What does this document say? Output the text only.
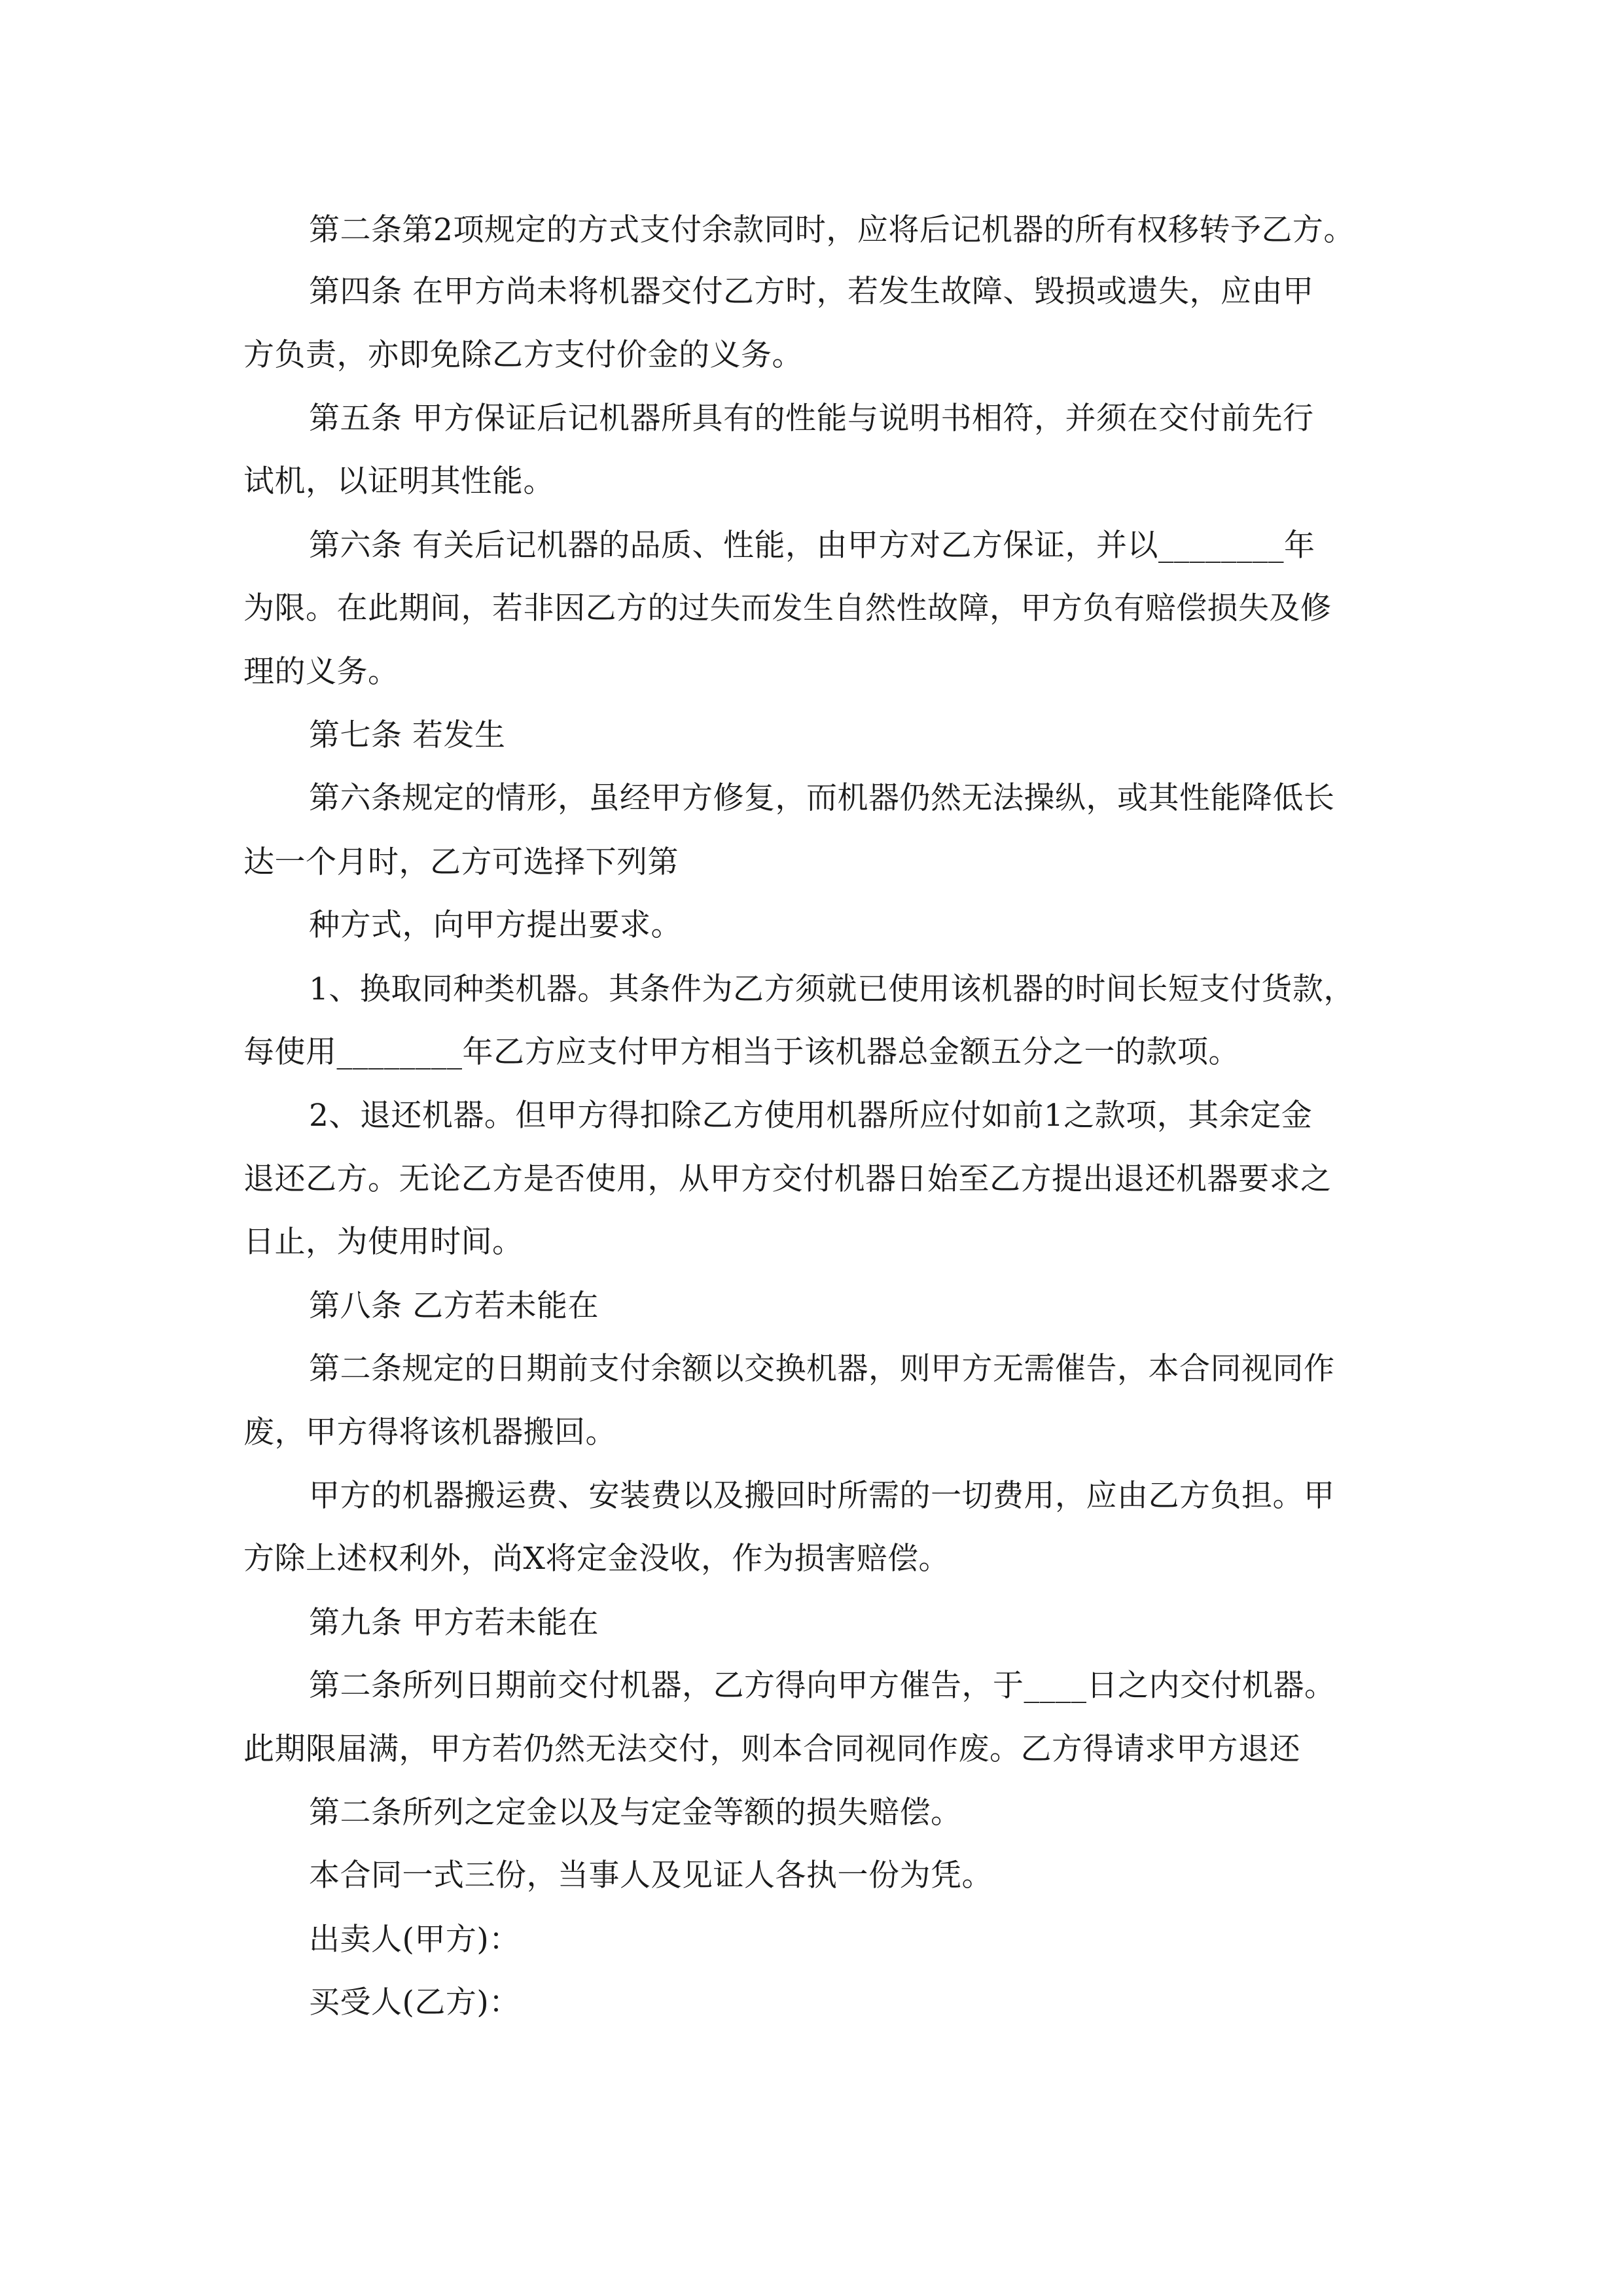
第二条第2项规定的方式支付余款同时，应将后记机器的所有权移转予乙方。
第四条 在甲方尚未将机器交付乙方时，若发生故障、毁损或遗失，应由甲
方负责，亦即免除乙方支付价金的义务。
第五条 甲方保证后记机器所具有的性能与说明书相符，并须在交付前先行
试机，以证明其性能。
第六条 有关后记机器的品质、性能，由甲方对乙方保证，并以________年
为限。在此期间，若非因乙方的过失而发生自然性故障，甲方负有赔偿损失及修
理的义务。
第七条 若发生
第六条规定的情形，虽经甲方修复，而机器仍然无法操纵，或其性能降低长
达一个月时，乙方可选择下列第
种方式，向甲方提出要求。
1、换取同种类机器。其条件为乙方须就已使用该机器的时间长短支付货款，
每使用________年乙方应支付甲方相当于该机器总金额五分之一的款项。
2、退还机器。但甲方得扣除乙方使用机器所应付如前1之款项，其余定金
退还乙方。无论乙方是否使用，从甲方交付机器日始至乙方提出退还机器要求之
日止，为使用时间。
第八条 乙方若未能在
第二条规定的日期前支付余额以交换机器，则甲方无需催告，本合同视同作
废，甲方得将该机器搬回。
甲方的机器搬运费、安装费以及搬回时所需的一切费用，应由乙方负担。甲
方除上述权利外，尚X将定金没收，作为损害赔偿。
第九条 甲方若未能在
第二条所列日期前交付机器，乙方得向甲方催告，于____日之内交付机器。
此期限届满，甲方若仍然无法交付，则本合同视同作废。乙方得请求甲方退还
第二条所列之定金以及与定金等额的损失赔偿。
本合同一式三份，当事人及见证人各执一份为凭。
出卖人(甲方)：
买受人(乙方)：
